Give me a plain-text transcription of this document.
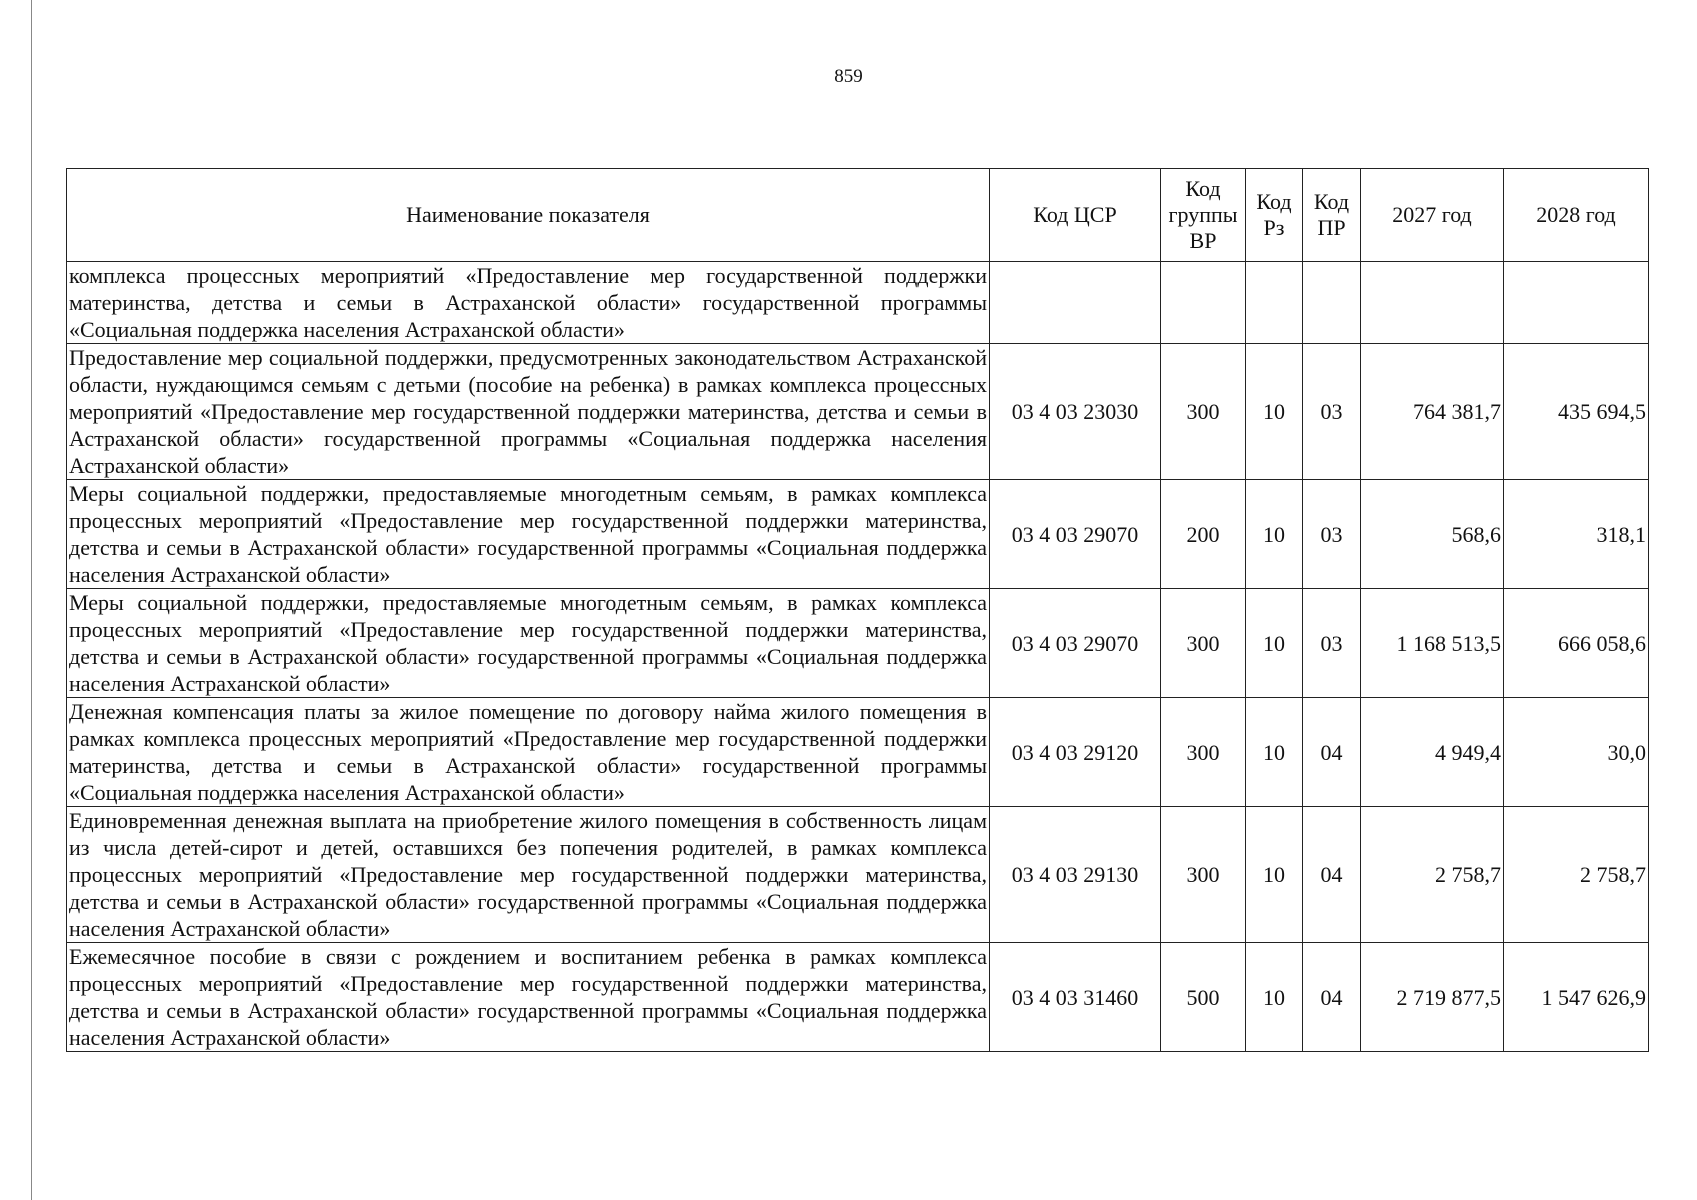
859
Наименование показателя	Код ЦСР	Код группы ВР	Код Рз	Код ПР	2027 год	2028 год
комплекса процессных мероприятий «Предоставление мер государственной поддержки материнства, детства и семьи в Астраханской области» государственной программы «Социальная поддержка населения Астраханской области»						
Предоставление мер социальной поддержки, предусмотренных законодательством Астраханской области, нуждающимся семьям с детьми (пособие на ребенка) в рамках комплекса процессных мероприятий «Предоставление мер государственной поддержки материнства, детства и семьи в Астраханской области» государственной программы «Социальная поддержка населения Астраханской области»	03 4 03 23030	300	10	03	764 381,7	435 694,5
Меры социальной поддержки, предоставляемые многодетным семьям, в рамках комплекса процессных мероприятий «Предоставление мер государственной поддержки материнства, детства и семьи в Астраханской области» государственной программы «Социальная поддержка населения Астраханской области»	03 4 03 29070	200	10	03	568,6	318,1
Меры социальной поддержки, предоставляемые многодетным семьям, в рамках комплекса процессных мероприятий «Предоставление мер государственной поддержки материнства, детства и семьи в Астраханской области» государственной программы «Социальная поддержка населения Астраханской области»	03 4 03 29070	300	10	03	1 168 513,5	666 058,6
Денежная компенсация платы за жилое помещение по договору найма жилого помещения в рамках комплекса процессных мероприятий «Предоставление мер государственной поддержки материнства, детства и семьи в Астраханской области» государственной программы «Социальная поддержка населения Астраханской области»	03 4 03 29120	300	10	04	4 949,4	30,0
Единовременная денежная выплата на приобретение жилого помещения в собственность лицам из числа детей-сирот и детей, оставшихся без попечения родителей, в рамках комплекса процессных мероприятий «Предоставление мер государственной поддержки материнства, детства и семьи в Астраханской области» государственной программы «Социальная поддержка населения Астраханской области»	03 4 03 29130	300	10	04	2 758,7	2 758,7
Ежемесячное пособие в связи с рождением и воспитанием ребенка в рамках комплекса процессных мероприятий «Предоставление мер государственной поддержки материнства, детства и семьи в Астраханской области» государственной программы «Социальная поддержка населения Астраханской области»	03 4 03 31460	500	10	04	2 719 877,5	1 547 626,9
